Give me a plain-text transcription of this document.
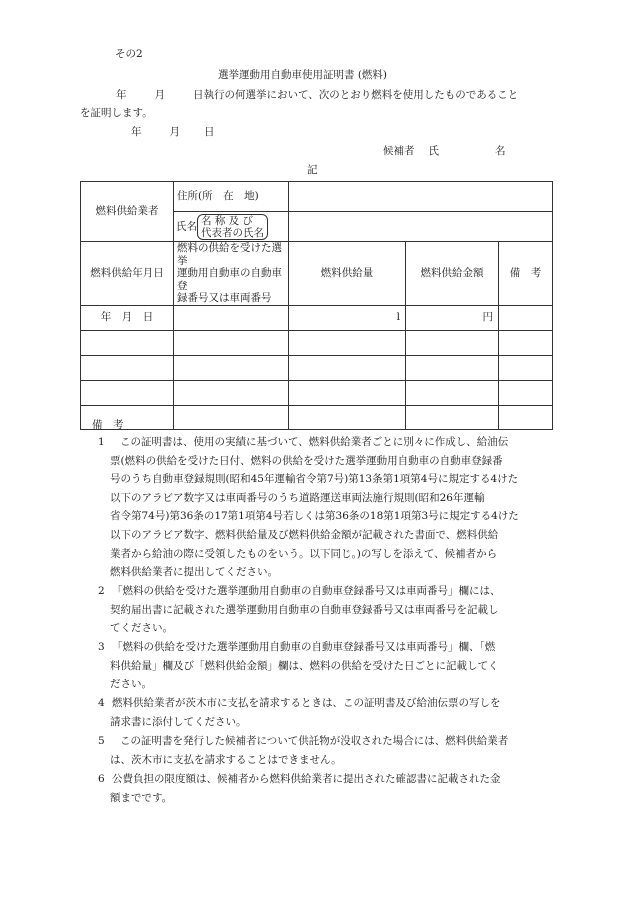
その2
選挙運動用自動車使用証明書 (燃料)
年	月	日執行の何選挙において、次のとおり燃料を使用したものであること
を証明します。
年	月 日
候補者 氏	名
記
燃料供給業者	住所(所　在　地)			
	氏名 名 称 及 び
代表者の氏名			

燃料供給年月日	燃料の供給を受けた選挙
運動用自動車の自動車登
録番号又は車両番号	燃料供給量	燃料供給金額	備　考
年　月　日		l	円	

備　考
1	この証明書は、使用の実績に基づいて、燃料供給業者ごとに別々に作成し、給油伝
票(燃料の供給を受けた日付、燃料の供給を受けた選挙運動用自動車の自動車登録番
号のうち自動車登録規則(昭和45年運輸省令第7号)第13条第1項第4号に規定する4けた
以下のアラビア数字又は車両番号のうち道路運送車両法施行規則(昭和26年運輸
省令第74号)第36条の17第1項第4号若しくは第36条の18第1項第3号に規定する4けた
以下のアラビア数字、燃料供給量及び燃料供給金額が記載された書面で、燃料供給
業者から給油の際に受領したものをいう。以下同じ。)の写しを添えて、候補者から
燃料供給業者に提出してください。
2 「燃料の供給を受けた選挙運動用自動車の自動車登録番号又は車両番号」欄には、
契約届出書に記載された選挙運動用自動車の自動車登録番号又は車両番号を記載し
てください。
3 「燃料の供給を受けた選挙運動用自動車の自動車登録番号又は車両番号」欄、「燃
料供給量」欄及び「燃料供給金額」欄は、燃料の供給を受けた日ごとに記載してく
ださい。
4 燃料供給業者が茨木市に支払を請求するときは、この証明書及び給油伝票の写しを
請求書に添付してください。
5	この証明書を発行した候補者について供託物が没収された場合には、燃料供給業者
は、茨木市に支払を請求することはできません。
6 公費負担の限度額は、候補者から燃料供給業者に提出された確認書に記載された金
額までです。
